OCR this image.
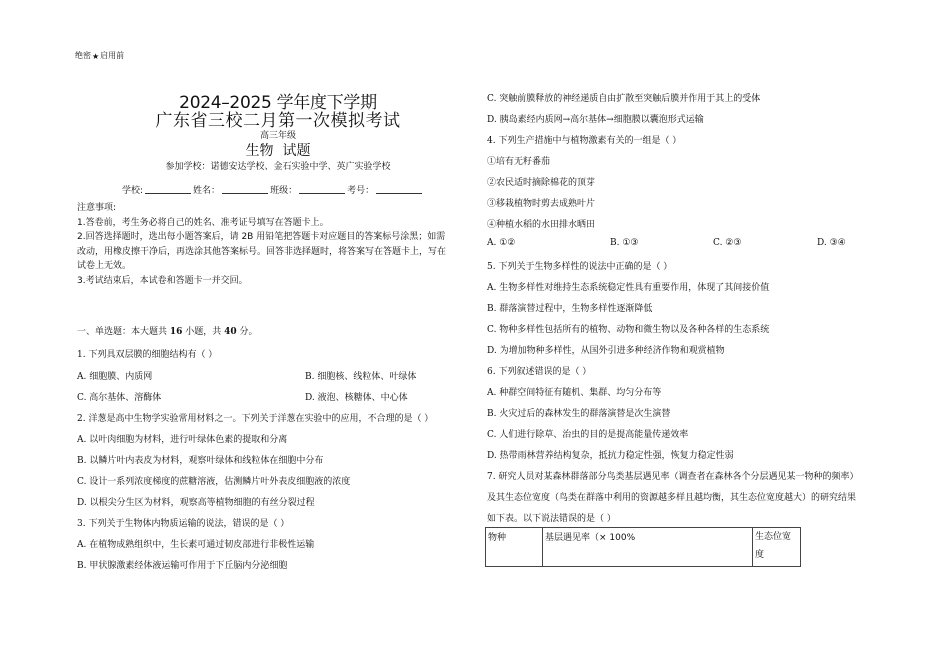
绝密★启用前
2024–2025 学年度下学期
广东省三校二月第一次模拟考试
高三年级
生物  试题
参加学校：诺德安达学校、金石实验中学、英广实验学校
学校:	姓名：	班级：	考号：
注意事项:
1.答卷前，考生务必将自己的姓名、准考证号填写在答题卡上。
2.回答选择题时，选出每小题答案后，请 2B 用铅笔把答题卡对应题目的答案标号涂黑；如需
改动，用橡皮擦干净后，再选涂其他答案标号。回答非选择题时，将答案写在答题卡上，写在
试卷上无效。
3.考试结束后，本试卷和答题卡一并交回。
一、单选题：本大题共 16 小题，共 40 分。
1. 下列具双层膜的细胞结构有（ ）
A. 细胞膜、内质网	B. 细胞核、线粒体、叶绿体
C. 高尔基体、溶酶体	D. 液泡、核糖体、中心体
2. 洋葱是高中生物学实验常用材料之一。下列关于洋葱在实验中的应用，不合理的是（ ）
A. 以叶肉细胞为材料，进行叶绿体色素的提取和分离
B. 以鳞片叶内表皮为材料，观察叶绿体和线粒体在细胞中分布
C. 设计一系列浓度梯度的蔗糖溶液，估测鳞片叶外表皮细胞液的浓度
D. 以根尖分生区为材料，观察高等植物细胞的有丝分裂过程
3. 下列关于生物体内物质运输的说法，错误的是（ ）
A. 在植物成熟组织中，生长素可通过韧皮部进行非极性运输
B. 甲状腺激素经体液运输可作用于下丘脑内分泌细胞
C. 突触前膜释放的神经递质自由扩散至突触后膜并作用于其上的受体
D. 胰岛素经内质网→高尔基体→细胞膜以囊泡形式运输
4. 下列生产措施中与植物激素有关的一组是（ ）
①培有无籽番茄
②农民适时摘除棉花的顶芽
③移栽植物时剪去成熟叶片
④种植水稻的水田排水晒田
A. ①②	B. ①③	C. ②③	D. ③④
5. 下列关于生物多样性的说法中正确的是（ ）
A. 生物多样性对维持生态系统稳定性具有重要作用，体现了其间接价值
B. 群落演替过程中，生物多样性逐渐降低
C. 物种多样性包括所有的植物、动物和微生物以及各种各样的生态系统
D. 为增加物种多样性，从国外引进多种经济作物和观赏植物
6. 下列叙述错误的是（ ）
A. 种群空间特征有随机、集群、均匀分布等
B. 火灾过后的森林发生的群落演替是次生演替
C. 人们进行除草、治虫的目的是提高能量传递效率
D. 热带雨林营养结构复杂，抵抗力稳定性强，恢复力稳定性弱
7. 研究人员对某森林群落部分鸟类基层遇见率（调查者在森林各个分层遇见某一物种的频率）
及其生态位宽度（鸟类在群落中利用的资源越多样且越均衡，其生态位宽度越大）的研究结果
如下表。以下说法错误的是（ ）
物种	基层遇见率（× 100%	生态位宽度
